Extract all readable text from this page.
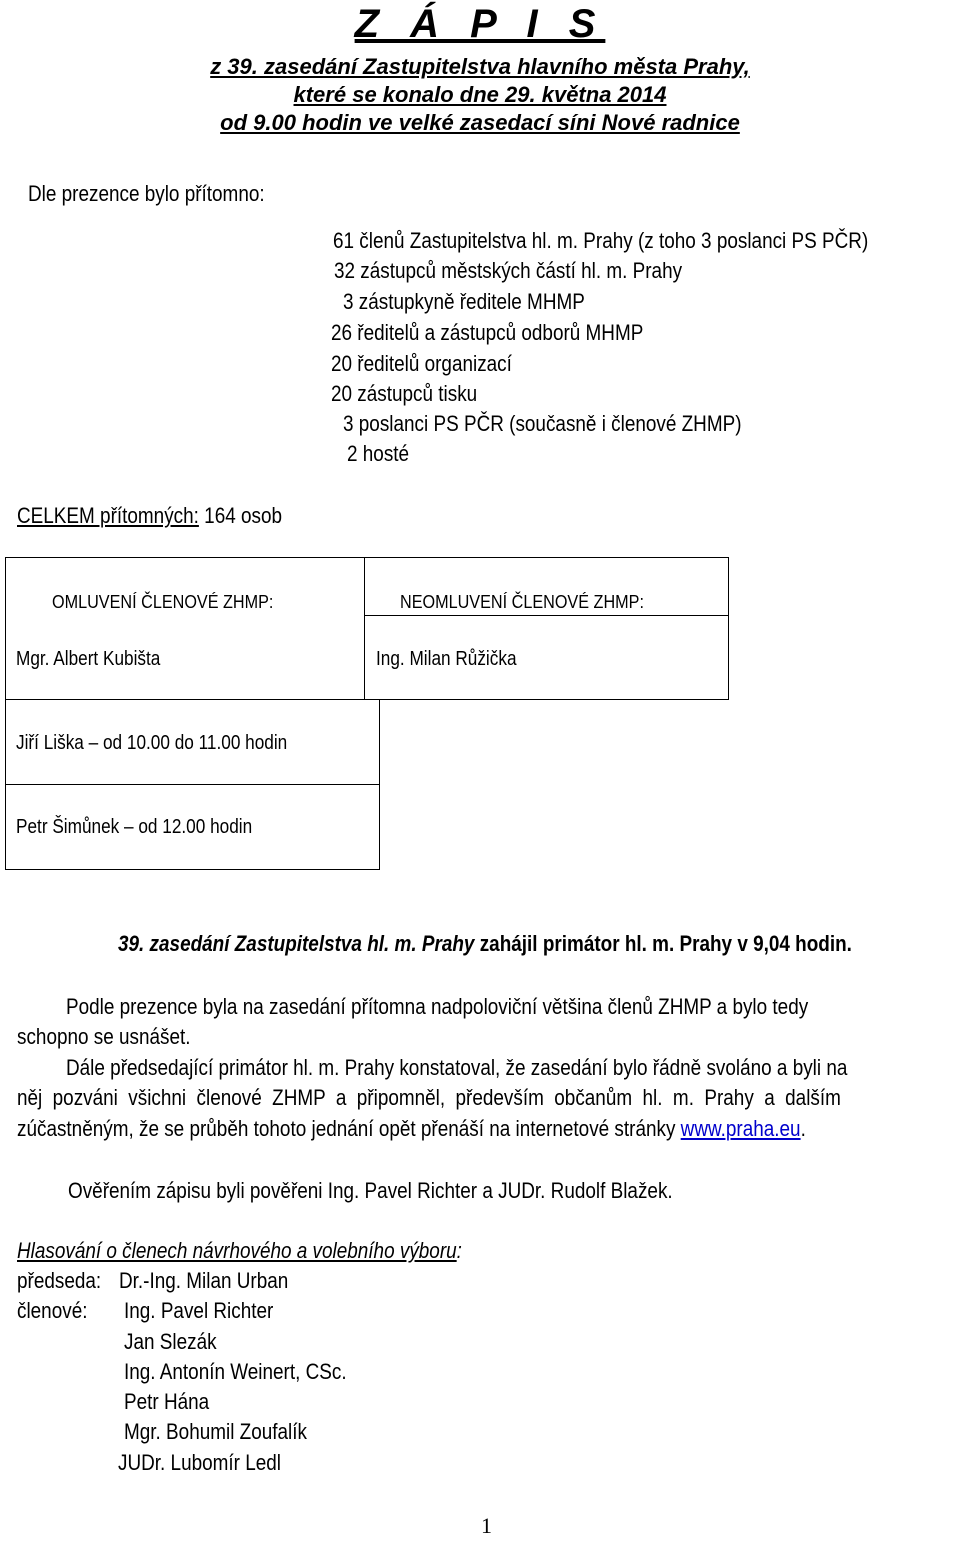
Z Á P I S
z 39. zasedání Zastupitelstva hlavního města Prahy,
které se konalo dne 29. května 2014
od 9.00 hodin ve velké zasedací síni Nové radnice
Dle prezence bylo přítomno:
61 členů Zastupitelstva hl. m. Prahy (z toho 3 poslanci PS PČR)
32 zástupců městských částí hl. m. Prahy
3 zástupkyně ředitele MHMP
26 ředitelů a zástupců odborů MHMP
20 ředitelů organizací
20 zástupců tisku
3 poslanci PS PČR (současně i členové ZHMP)
2 hosté
CELKEM přítomných: 164 osob
OMLUVENÍ ČLENOVÉ ZHMP:	NEOMLUVENÍ ČLENOVÉ ZHMP:
Mgr. Albert Kubišta	Ing. Milan Růžička
Jiří Liška – od 10.00 do 11.00 hodin
Petr Šimůnek – od 12.00 hodin
39. zasedání Zastupitelstva hl. m. Prahy zahájil primátor hl. m. Prahy v 9,04 hodin.
Podle prezence byla na zasedání přítomna nadpoloviční většina členů ZHMP a bylo tedy
schopno se usnášet.
Dále předsedající primátor hl. m. Prahy konstatoval, že zasedání bylo řádně svoláno a byli na
něj pozváni všichni členové ZHMP a připomněl, především občanům hl. m. Prahy a dalším
zúčastněným, že se průběh tohoto jednání opět přenáší na internetové stránky www.praha.eu.
Ověřením zápisu byli pověřeni Ing. Pavel Richter a JUDr. Rudolf Blažek.
Hlasování o členech návrhového a volebního výboru:
předseda: Dr.-Ing. Milan Urban
členové: Ing. Pavel Richter
Jan Slezák
Ing. Antonín Weinert, CSc.
Petr Hána
Mgr. Bohumil Zoufalík
JUDr. Lubomír Ledl
1
